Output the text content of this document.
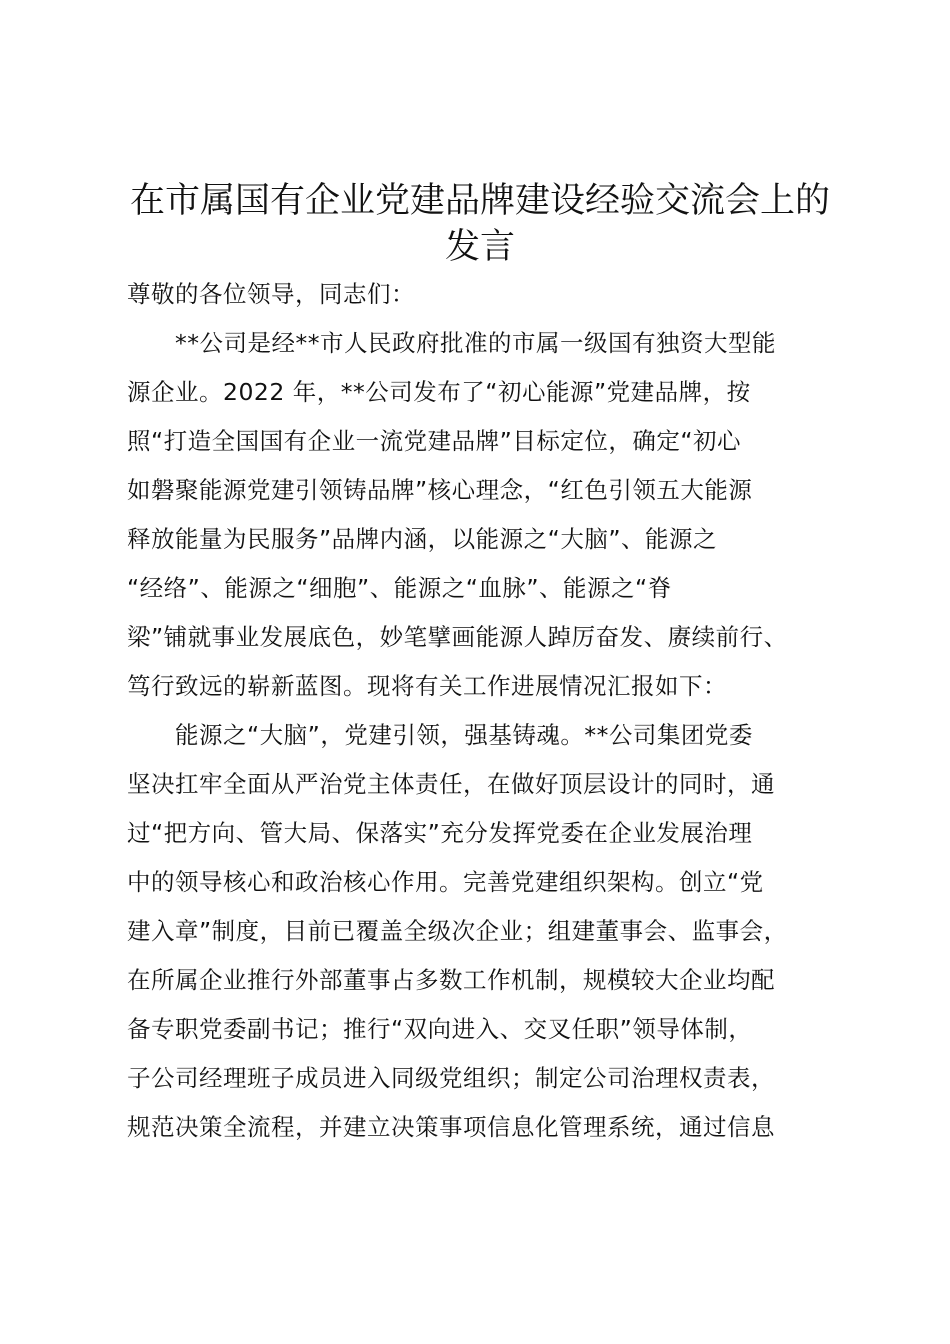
在市属国有企业党建品牌建设经验交流会上的
发言

尊敬的各位领导，同志们：

**公司是经**市人民政府批准的市属一级国有独资大型能
源企业。2022 年，**公司发布了“初心能源”党建品牌，按
照“打造全国国有企业一流党建品牌”目标定位，确定“初心
如磐聚能源党建引领铸品牌”核心理念，“红色引领五大能源
释放能量为民服务”品牌内涵，以能源之“大脑”、能源之
“经络”、能源之“细胞”、能源之“血脉”、能源之“脊
梁”铺就事业发展底色，妙笔擘画能源人踔厉奋发、赓续前行、
笃行致远的崭新蓝图。现将有关工作进展情况汇报如下：

能源之“大脑”，党建引领，强基铸魂。**公司集团党委
坚决扛牢全面从严治党主体责任，在做好顶层设计的同时，通
过“把方向、管大局、保落实”充分发挥党委在企业发展治理
中的领导核心和政治核心作用。完善党建组织架构。创立“党
建入章”制度，目前已覆盖全级次企业；组建董事会、监事会，
在所属企业推行外部董事占多数工作机制，规模较大企业均配
备专职党委副书记；推行“双向进入、交叉任职”领导体制，
子公司经理班子成员进入同级党组织；制定公司治理权责表，
规范决策全流程，并建立决策事项信息化管理系统，通过信息
